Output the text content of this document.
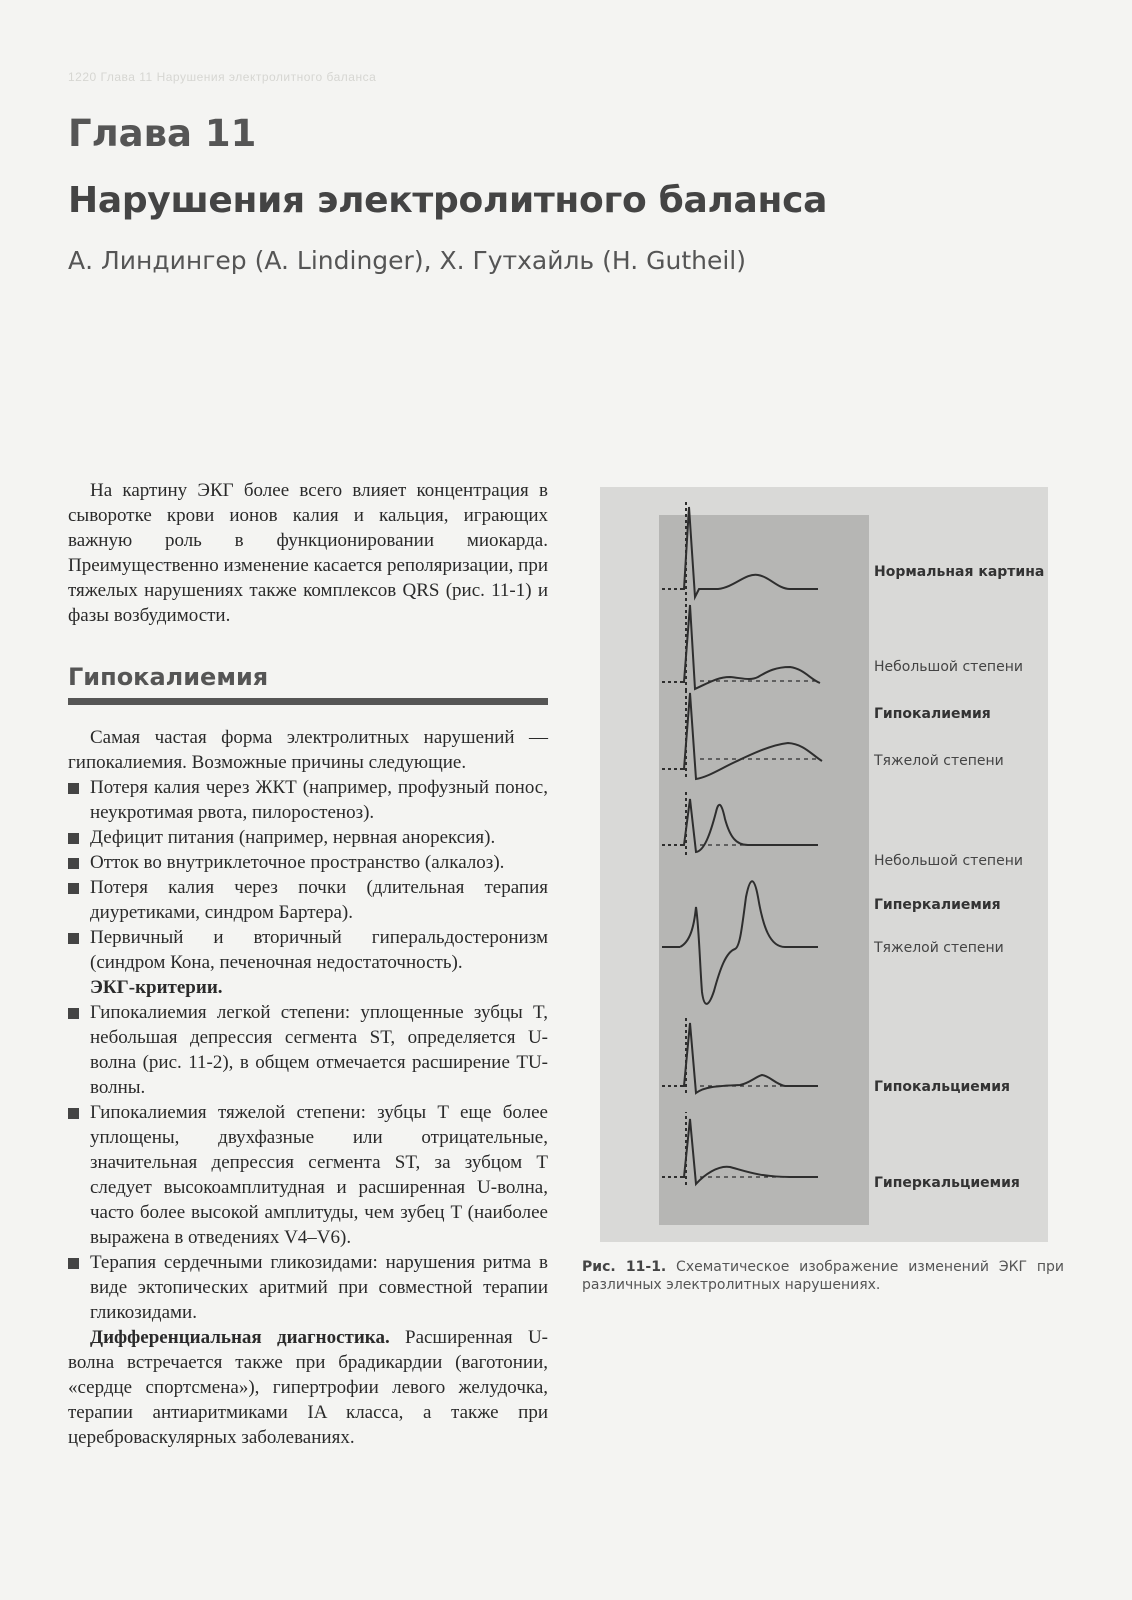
1220 Глава 11 Нарушения электролитного баланса
Глава 11
Нарушения электролитного баланса
А. Линдингер (A. Lindinger), Х. Гутхайль (H. Gutheil)

На картину ЭКГ более всего влияет концентрация в сыворотке крови ионов калия и кальция, играющих важную роль в функционировании миокарда. Преимущественно изменение касается реполяризации, при тяжелых нарушениях также комплексов QRS (рис. 11-1) и фазы возбудимости.

Гипокалиемия

Самая частая форма электролитных нарушений — гипокалиемия. Возможные причины следующие.

Потеря калия через ЖКТ (например, профузный понос, неукротимая рвота, пилоростеноз).
Дефицит питания (например, нервная анорексия).
Отток во внутриклеточное пространство (алкалоз).
Потеря калия через почки (длительная терапия диуретиками, синдром Бартера).
Первичный и вторичный гиперальдостеронизм (синдром Кона, печеночная недостаточность).
ЭКГ-критерии.
Гипокалиемия легкой степени: уплощенные зубцы T, небольшая депрессия сегмента ST, определяется U-волна (рис. 11-2), в общем отмечается расширение TU-волны.
Гипокалиемия тяжелой степени: зубцы T еще более уплощены, двухфазные или отрицательные, значительная депрессия сегмента ST, за зубцом T следует высокоамплитудная и расширенная U-волна, часто более высокой амплитуды, чем зубец T (наиболее выражена в отведениях V4–V6).
Терапия сердечными гликозидами: нарушения ритма в виде эктопических аритмий при совместной терапии гликозидами.

Дифференциальная диагностика. Расширенная U-волна встречается также при брадикардии (ваготонии, «сердце спортсмена»), гипертрофии левого желудочка, терапии антиаритмиками IA класса, а также при цереброваскулярных заболеваниях.

Нормальная картина
Небольшой степени
Гипокалиемия
Тяжелой степени
Небольшой степени
Гиперкалиемия
Тяжелой степени
Гипокальциемия
Гиперкальциемия
Рис. 11-1. Схематическое изображение изменений ЭКГ при различных электролитных нарушениях.
